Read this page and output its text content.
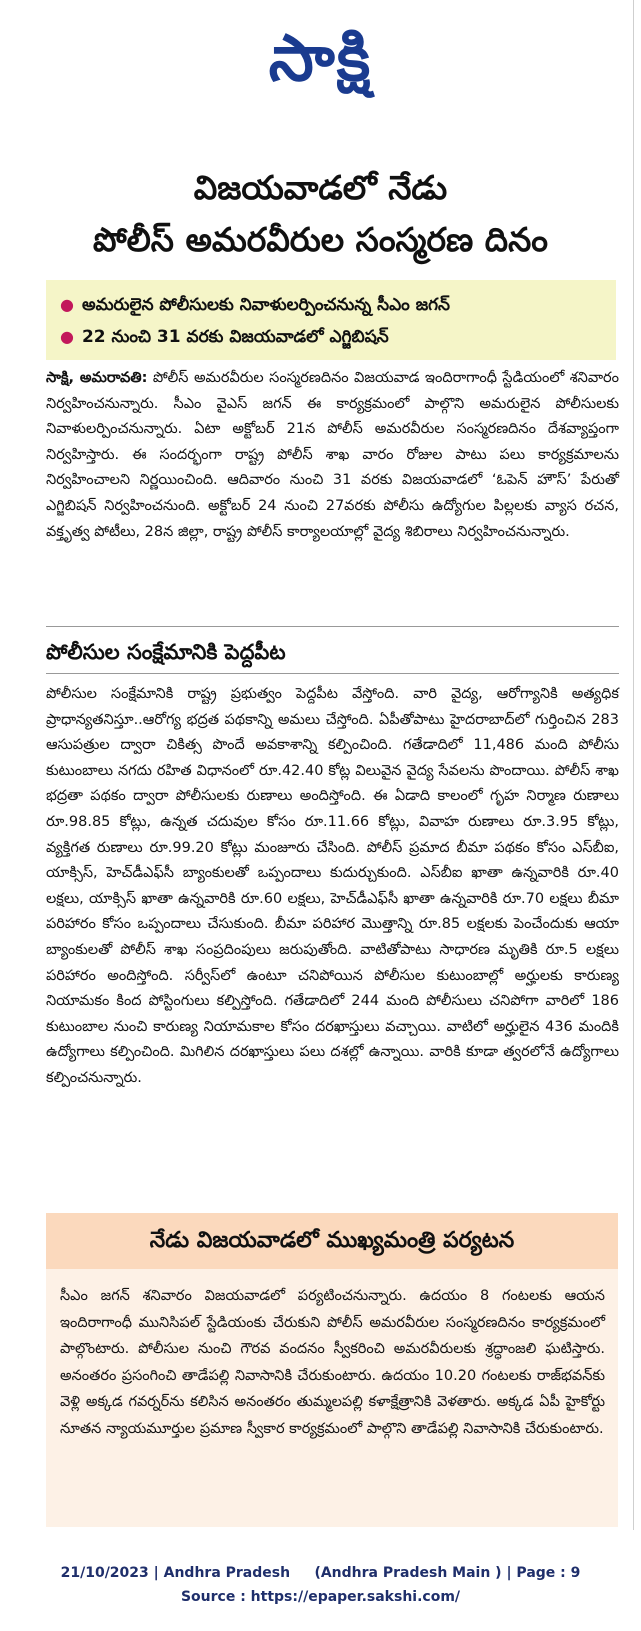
సాక్షి
విజయవాడలో నేడు
పోలీస్ అమరవీరుల సంస్మరణ దినం
● అమరులైన పోలీసులకు నివాళులర్పించనున్న సీఎం జగన్
● 22 నుంచి 31 వరకు విజయవాడలో ఎగ్జిబిషన్

సాక్షి, అమరావతి: పోలీస్ అమరవీరుల సంస్మరణదినం విజయవాడ ఇందిరాగాంధీ స్టేడియంలో శనివారం నిర్వహించనున్నారు. సీఎం వైఎస్ జగన్ ఈ కార్యక్రమంలో పాల్గొని అమరులైన పోలీసులకు నివాళులర్పించనున్నారు. ఏటా అక్టోబర్ 21న పోలీస్ అమరవీరుల సంస్మరణదినం దేశవ్యాప్తంగా నిర్వహిస్తారు. ఈ సందర్భంగా రాష్ట్ర పోలీస్ శాఖ వారం రోజుల పాటు పలు కార్యక్రమాలను నిర్వహించాలని నిర్ణయించింది. ఆదివారం నుంచి 31 వరకు విజయవాడలో ‘ఓపెన్ హౌస్’ పేరుతో ఎగ్జిబిషన్ నిర్వహించనుంది. అక్టోబర్ 24 నుంచి 27వరకు పోలీసు ఉద్యోగుల పిల్లలకు వ్యాస రచన, వక్తృత్వ పోటీలు, 28న జిల్లా, రాష్ట్ర పోలీస్ కార్యాలయాల్లో వైద్య శిబిరాలు నిర్వహించనున్నారు.

పోలీసుల సంక్షేమానికి పెద్దపీట

పోలీసుల సంక్షేమానికి రాష్ట్ర ప్రభుత్వం పెద్దపీట వేస్తోంది. వారి వైద్య, ఆరోగ్యానికి అత్యధిక ప్రాధాన్యతనిస్తూ..ఆరోగ్య భద్రత పథకాన్ని అమలు చేస్తోంది. ఏపీతోపాటు హైదరాబాద్‌లో గుర్తించిన 283 ఆసుపత్రుల ద్వారా చికిత్స పొందే అవకాశాన్ని కల్పించింది. గతేడాదిలో 11,486 మంది పోలీసు కుటుంబాలు నగదు రహిత విధానంలో రూ.42.40 కోట్ల విలువైన వైద్య సేవలను పొందాయి. పోలీస్ శాఖ భద్రతా పథకం ద్వారా పోలీసులకు రుణాలు అందిస్తోంది. ఈ ఏడాది కాలంలో గృహ నిర్మాణ రుణాలు రూ.98.85 కోట్లు, ఉన్నత చదువుల కోసం రూ.11.66 కోట్లు, వివాహ రుణాలు రూ.3.95 కోట్లు, వ్యక్తిగత రుణాలు రూ.99.20 కోట్లు మంజూరు చేసింది. పోలీస్ ప్రమాద బీమా పథకం కోసం ఎస్‌బీఐ, యాక్సిస్, హెచ్‌డీఎఫ్‌సీ బ్యాంకులతో ఒప్పందాలు కుదుర్చుకుంది. ఎస్‌బీఐ ఖాతా ఉన్నవారికి రూ.40 లక్షలు, యాక్సిస్ ఖాతా ఉన్నవారికి రూ.60 లక్షలు, హెచ్‌డీఎఫ్‌సీ ఖాతా ఉన్నవారికి రూ.70 లక్షలు బీమా పరిహారం కోసం ఒప్పందాలు చేసుకుంది. బీమా పరిహార మొత్తాన్ని రూ.85 లక్షలకు పెంచేందుకు ఆయా బ్యాంకులతో పోలీస్ శాఖ సంప్రదింపులు జరుపుతోంది. వాటితోపాటు సాధారణ మృతికి రూ.5 లక్షలు పరిహారం అందిస్తోంది. సర్వీస్‌లో ఉంటూ చనిపోయిన పోలీసుల కుటుంబాల్లో అర్హులకు కారుణ్య నియామకం కింద పోస్టింగులు కల్పిస్తోంది. గతేడాదిలో 244 మంది పోలీసులు చనిపోగా వారిలో 186 కుటుంబాల నుంచి కారుణ్య నియామకాల కోసం దరఖాస్తులు వచ్చాయి. వాటిలో అర్హులైన 436 మందికి ఉద్యోగాలు కల్పించింది. మిగిలిన దరఖాస్తులు పలు దశల్లో ఉన్నాయి. వారికి కూడా త్వరలోనే ఉద్యోగాలు కల్పించనున్నారు.

నేడు విజయవాడలో ముఖ్యమంత్రి పర్యటన

సీఎం జగన్ శనివారం విజయవాడలో పర్యటించనున్నారు. ఉదయం 8 గంటలకు ఆయన ఇందిరాగాంధీ మునిసిపల్ స్టేడియంకు చేరుకుని పోలీస్ అమరవీరుల సంస్మరణదినం కార్యక్రమంలో పాల్గొంటారు. పోలీసుల నుంచి గౌరవ వందనం స్వీకరించి అమరవీరులకు శ్రద్ధాంజలి ఘటిస్తారు. అనంతరం ప్రసంగించి తాడేపల్లి నివాసానికి చేరుకుంటారు. ఉదయం 10.20 గంటలకు రాజ్‌భవన్‌కు వెళ్లి అక్కడ గవర్నర్‌ను కలిసిన అనంతరం తుమ్మలపల్లి కళాక్షేత్రానికి వెళతారు. అక్కడ ఏపీ హైకోర్టు నూతన న్యాయమూర్తుల ప్రమాణ స్వీకార కార్యక్రమంలో పాల్గొని తాడేపల్లి నివాసానికి చేరుకుంటారు.

21/10/2023 | Andhra Pradesh     (Andhra Pradesh Main ) | Page : 9
Source : https://epaper.sakshi.com/
